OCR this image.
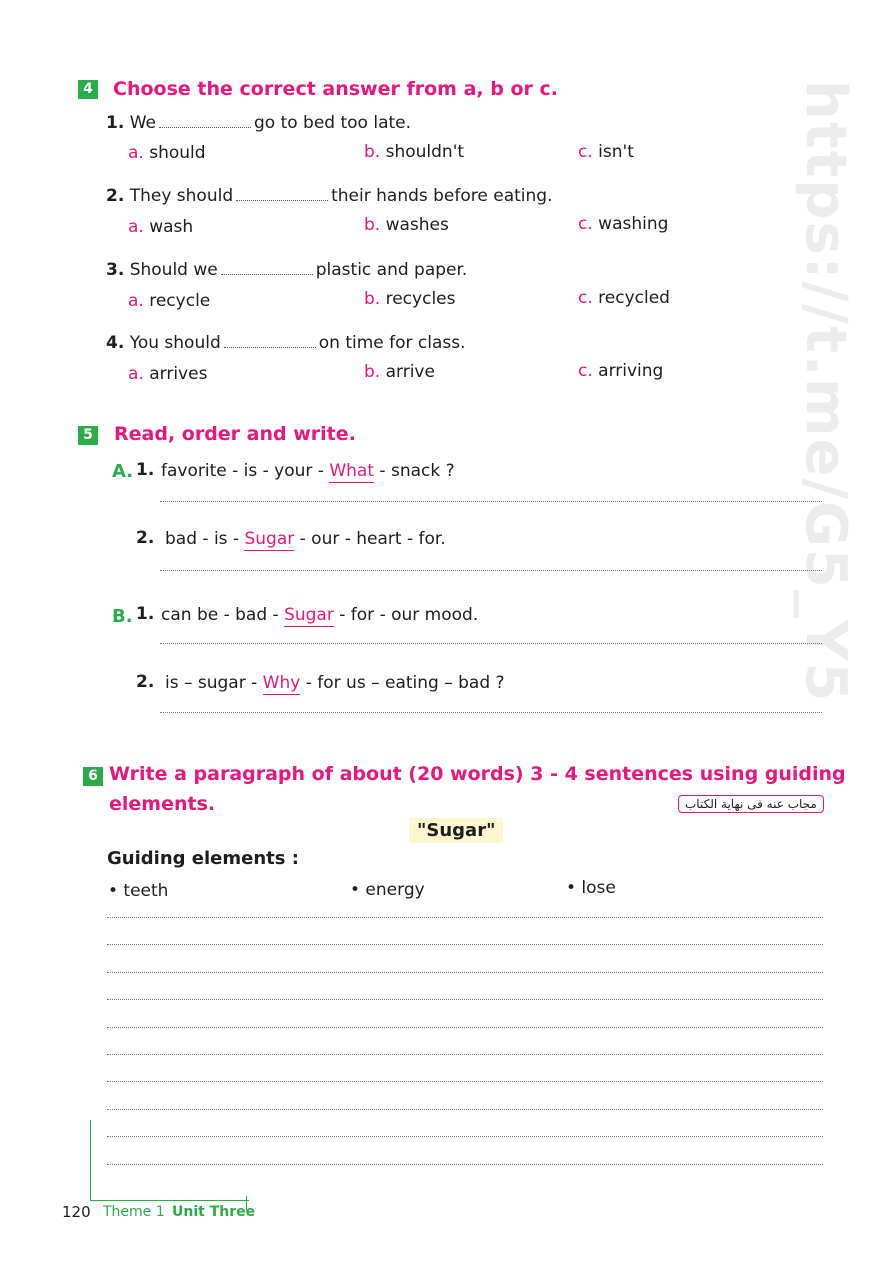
https://t.me/G5_Y5
4 Choose the correct answer from a, b or c.
1. We	go to bed too late.
a. should	b. shouldn't	c. isn't
2. They should	their hands before eating.
a. wash	b. washes	c. washing
3. Should we	plastic and paper.
a. recycle	b. recycles	c. recycled
4. You should	on time for class.
a. arrives	b. arrive	c. arriving
5 Read, order and write.
A. 1. favorite - is - your - What - snack ?
2. bad - is - Sugar - our - heart - for.
B. 1. can be - bad - Sugar - for - our mood.
2. is – sugar - Why - for us – eating – bad ?
6 Write a paragraph of about (20 words) 3 - 4 sentences using guiding
elements.	مجاب عنه فى نهاية الكتاب
"Sugar"
Guiding elements :
• teeth	• energy	• lose
120 Theme 1 Unit Three
